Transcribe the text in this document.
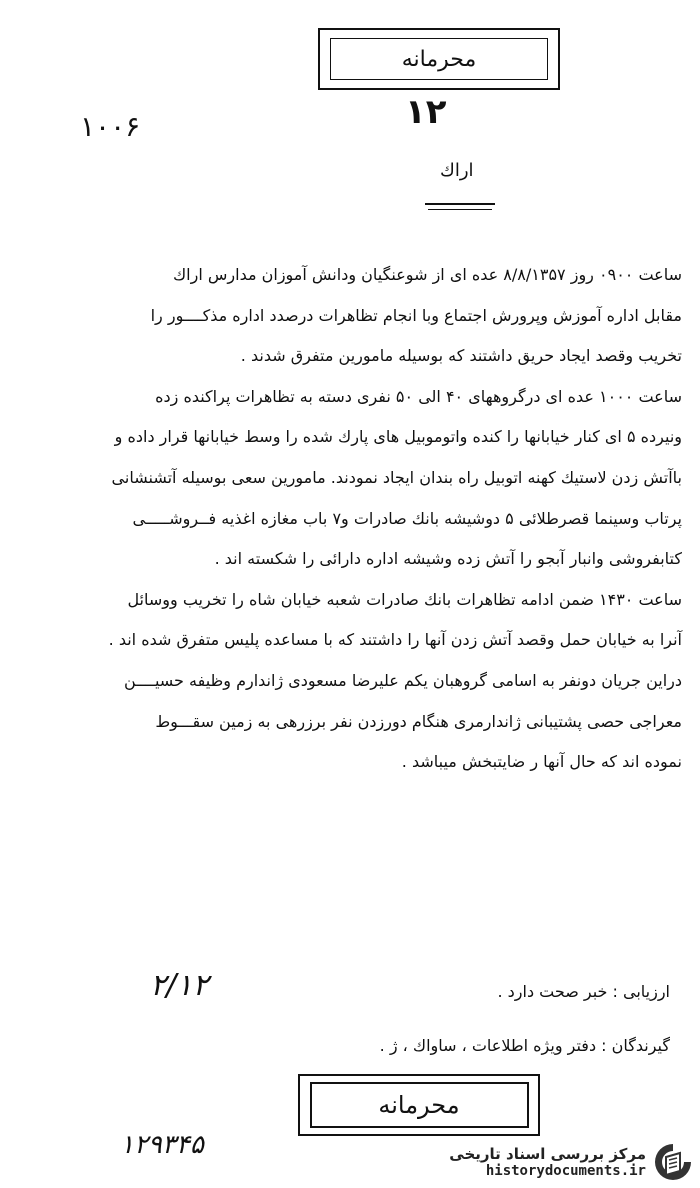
محرمانه
۱۲
۱۰۰۶
اراك

ساعت ۰۹۰۰ روز ۸/۸/۱۳۵۷ عده ای از شوعنگیان ودانش آموزان مدارس اراك

مقابل اداره آموزش وپرورش اجتماع وبا انجام تظاهرات درصدد اداره مذکــــور را

تخریب وقصد ایجاد حریق داشتند که بوسیله مامورین متفرق شدند .

ساعت ۱۰۰۰ عده ای درگروههای ۴۰ الی ۵۰ نفری دسته به تظاهرات پراکنده زده

ونیرده ۵ ای کنار خیابانها را کنده واتوموبیل های پارك شده را وسط خیابانها قرار داده و

باآتش زدن لاستیك کهنه اتوبیل راه بندان ایجاد نمودند. مامورین سعی بوسیله آتشنشانی

پرتاب وسینما قصرطلائی ۵ دوشیشه بانك صادرات و۷ باب مغازه اغذیه فــروشـــــی

کتابفروشی وانبار آبجو را آتش زده وشیشه اداره دارائی را شکسته اند .

ساعت ۱۴۳۰ ضمن ادامه تظاهرات بانك صادرات شعبه خیابان شاه را تخریب ووسائل

آنرا به خیابان حمل وقصد آتش زدن آنها را داشتند که با مساعده پلیس متفرق شده اند .

دراین جریان دونفر به اسامی گروهبان یکم علیرضا مسعودی ژاندارم وظیفه حسیــــن

معراجی حصی پشتیبانی ژاندارمری هنگام دورزدن نفر برزرهی به زمین سقـــوط

نموده اند که حال آنها ر ضایتبخش میباشد .

۲/۱۲	ارزیابی : خبر صحت دارد .
گیرندگان : دفتر ویژه اطلاعات ، ساواك ، ژ .
محرمانه
۱۲۹۳۴۵	مرکز بررسی اسناد تاریخی
historydocuments.ir
